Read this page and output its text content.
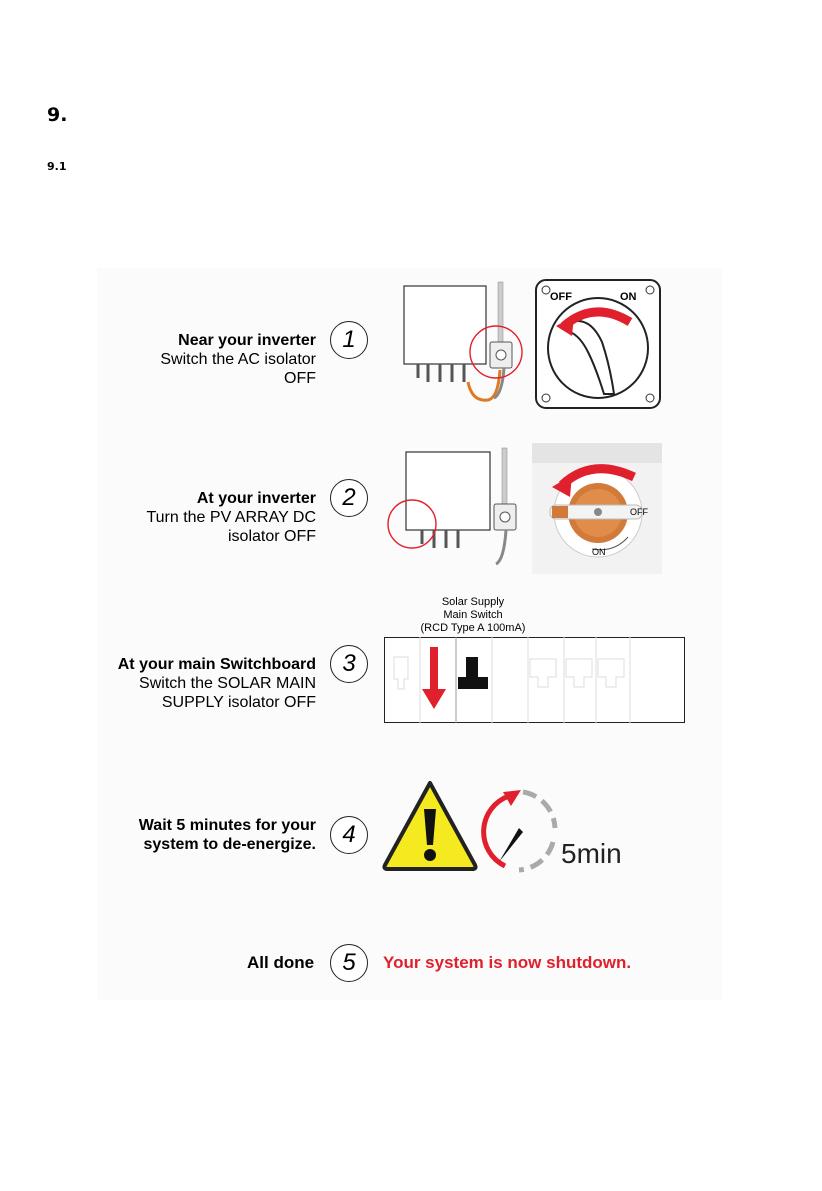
9.
9.1
Near your inverter
Switch the AC isolator
OFF
1
OFF	ON
At your inverter
Turn the PV ARRAY DC
isolator OFF
2
OFF
ON
Solar Supply
Main Switch
(RCD Type A 100mA)
At your main Switchboard
Switch the SOLAR MAIN
SUPPLY isolator OFF
3
Wait 5 minutes for your
system to de-energize.	4
5min
All done	5	Your system is now shutdown.
